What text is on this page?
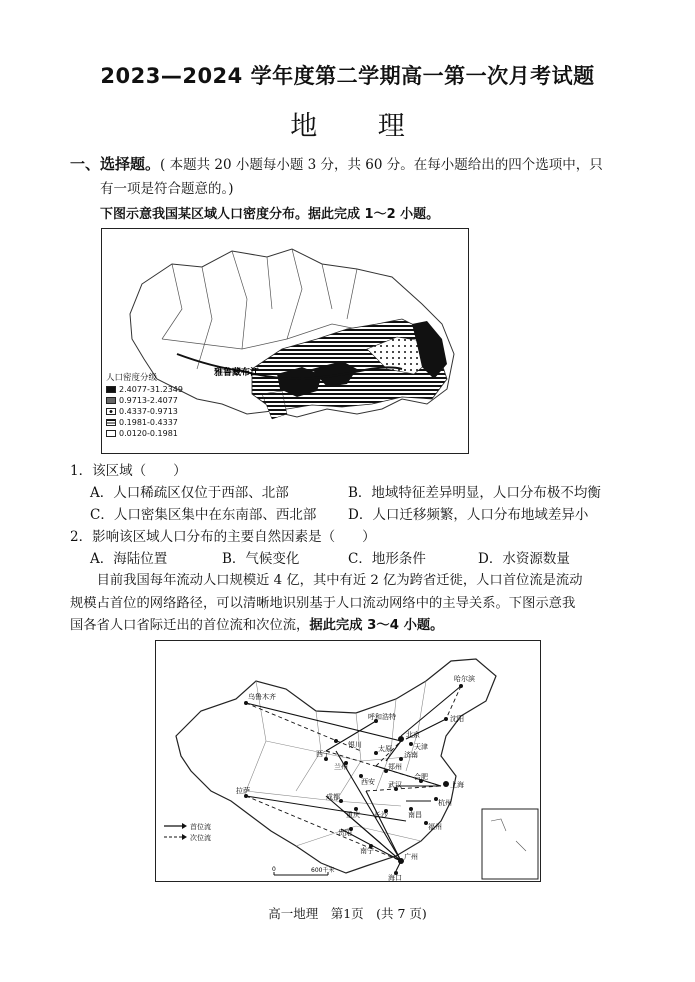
2023—2024 学年度第二学期高一第一次月考试题
地 理
一、选择题。( 本题共 20 小题每小题 3 分，共 60 分。在每小题给出的四个选项中，只
有一项是符合题意的。)
下图示意我国某区域人口密度分布。据此完成 1～2 小题。
雅鲁藏布江
人口密度分级
2.4077-31.2349
0.9713-2.4077
0.4337-0.9713
0.1981-0.4337
0.0120-0.1981
1．该区域（　　）
A．人口稀疏区仅位于西部、北部	B．地域特征差异明显，人口分布极不均衡
C．人口密集区集中在东南部、西北部	D．人口迁移频繁，人口分布地域差异小
2．影响该区域人口分布的主要自然因素是（　　）
A．海陆位置	B．气候变化	C．地形条件	D．水资源数量
目前我国每年流动人口规模近 4 亿，其中有近 2 亿为跨省迁徙，人口首位流是流动
规模占首位的网络路径，可以清晰地识别基于人口流动网络中的主导关系。下图示意我
国各省人口省际迁出的首位流和次位流，据此完成 3～4 小题。
乌鲁木齐
哈尔滨
沈阳
呼和浩特
北京
天津
银川
兰州
西宁
太原
济南
郑州
西安
拉萨
成都
重庆
武汉
合肥
上海
杭州
长沙	南昌
福州
贵阳
南宁
广州
海口
首位流
次位流
0	600千米
高一地理　第1页　(共 7 页)
